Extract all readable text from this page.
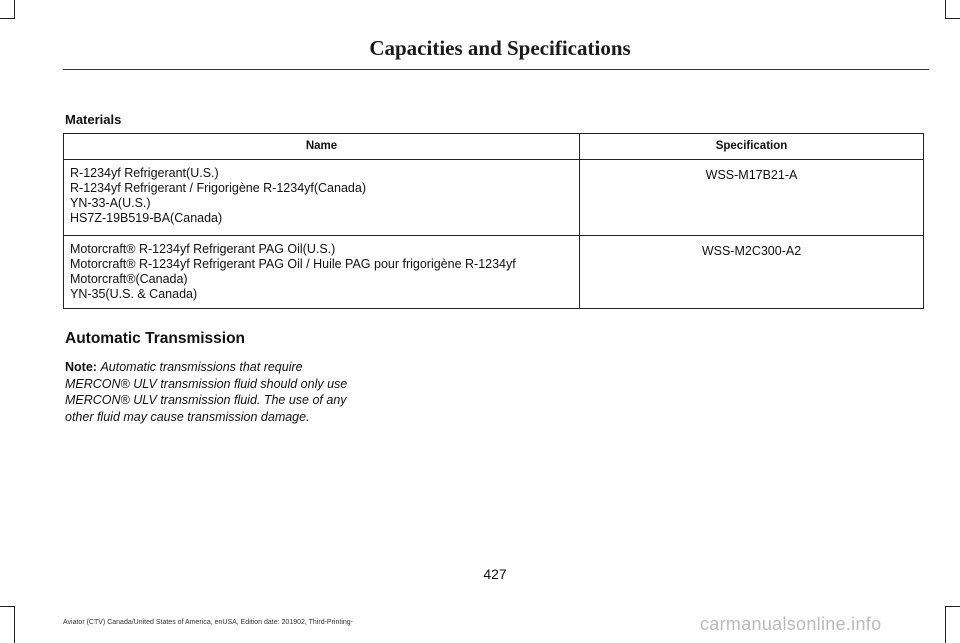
Capacities and Specifications
Materials
Name	Specification

R-1234yf Refrigerant(U.S.)
R-1234yf Refrigerant / Frigorigène R-1234yf(Canada)
YN-33-A(U.S.)
HS7Z-19B519-BA(Canada)	WSS-M17B21-A

Motorcraft® R-1234yf Refrigerant PAG Oil(U.S.)
Motorcraft® R-1234yf Refrigerant PAG Oil / Huile PAG pour frigorigène R-1234yf
Motorcraft®(Canada)
YN-35(U.S. & Canada)	WSS-M2C300-A2
Automatic Transmission
Note: Automatic transmissions that require MERCON® ULV transmission fluid should only use MERCON® ULV transmission fluid. The use of any other fluid may cause transmission damage.
427
Aviator (CTV) Canada/United States of America, enUSA, Edition date: 201902, Third-Printing-	carmanualsonline.info
